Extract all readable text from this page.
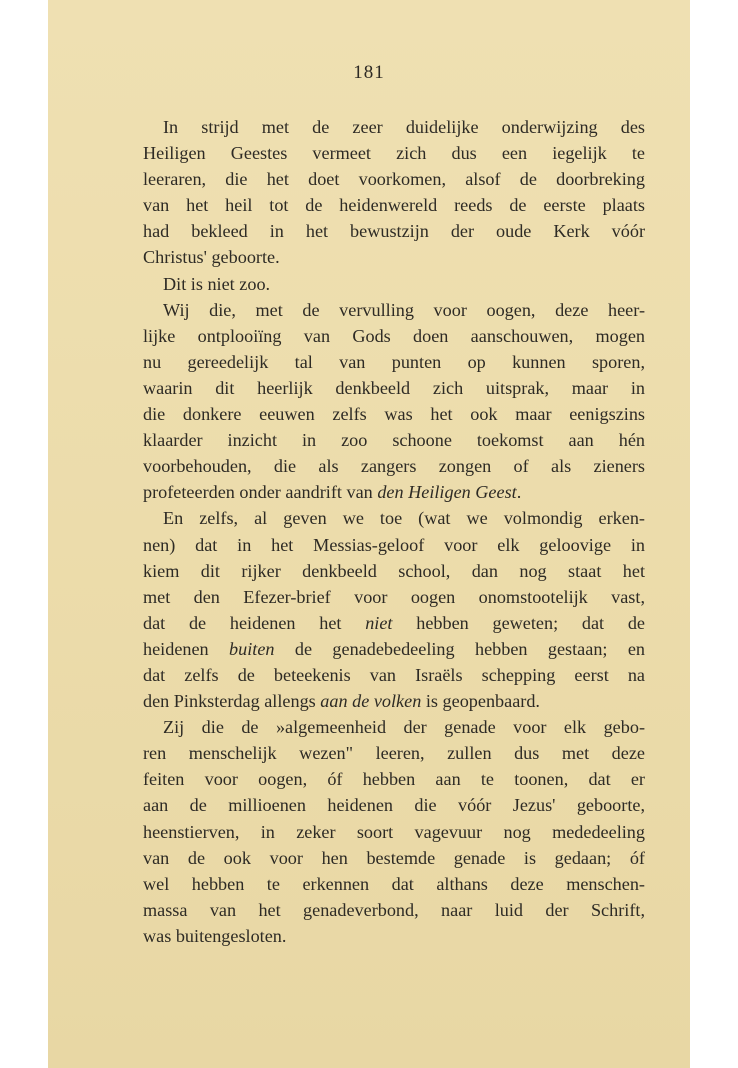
181
In strijd met de zeer duidelijke onderwijzing des
Heiligen Geestes vermeet zich dus een iegelijk te
leeraren, die het doet voorkomen, alsof de doorbreking
van het heil tot de heidenwereld reeds de eerste plaats
had bekleed in het bewustzijn der oude Kerk vóór
Christus' geboorte.
Dit is niet zoo.
Wij die, met de vervulling voor oogen, deze heer-
lijke ontplooiïng van Gods doen aanschouwen, mogen
nu gereedelijk tal van punten op kunnen sporen,
waarin dit heerlijk denkbeeld zich uitsprak, maar in
die donkere eeuwen zelfs was het ook maar eenigszins
klaarder inzicht in zoo schoone toekomst aan hén
voorbehouden, die als zangers zongen of als zieners
profeteerden onder aandrift van den Heiligen Geest.
En zelfs, al geven we toe (wat we volmondig erken-
nen) dat in het Messias-geloof voor elk geloovige in
kiem dit rijker denkbeeld school, dan nog staat het
met den Efezer-brief voor oogen onomstootelijk vast,
dat de heidenen het niet hebben geweten; dat de
heidenen buiten de genadebedeeling hebben gestaan; en
dat zelfs de beteekenis van Israëls schepping eerst na
den Pinksterdag allengs aan de volken is geopenbaard.
Zij die de »algemeenheid der genade voor elk gebo-
ren menschelijk wezen" leeren, zullen dus met deze
feiten voor oogen, óf hebben aan te toonen, dat er
aan de millioenen heidenen die vóór Jezus' geboorte,
heenstierven, in zeker soort vagevuur nog mededeeling
van de ook voor hen bestemde genade is gedaan; óf
wel hebben te erkennen dat althans deze menschen-
massa van het genadeverbond, naar luid der Schrift,
was buitengesloten.
